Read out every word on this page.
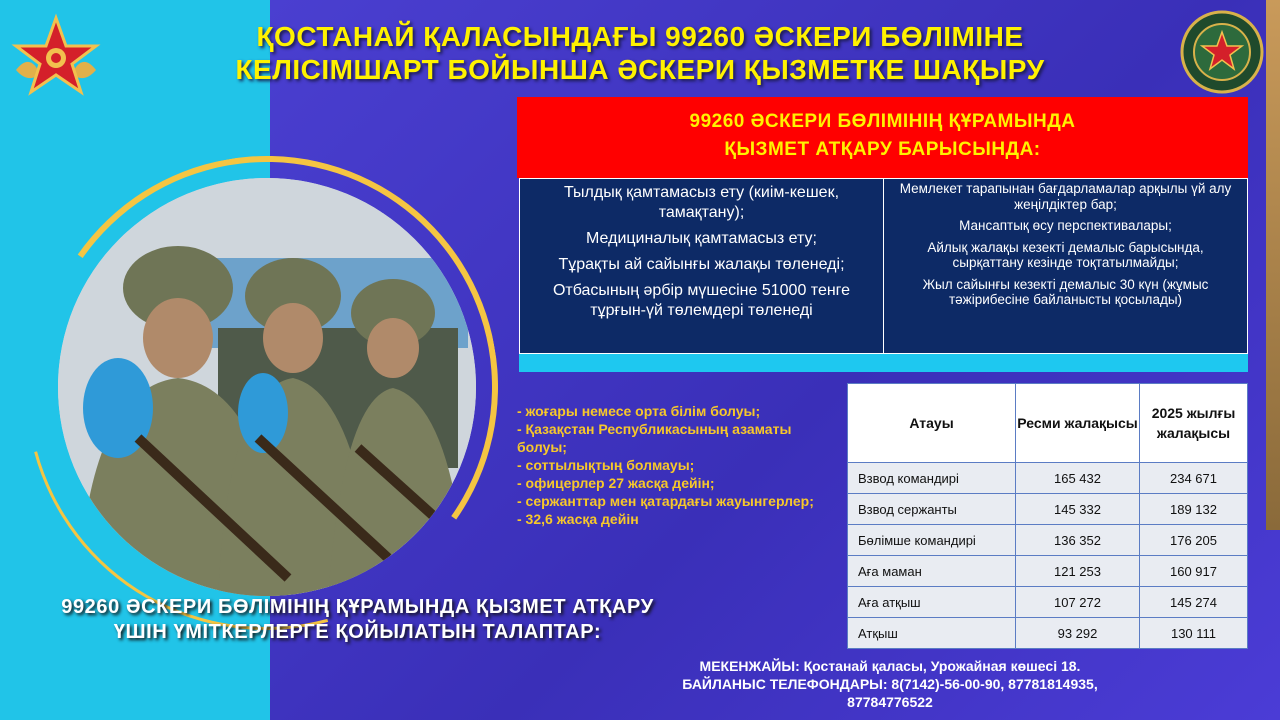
ҚОСТАНАЙ ҚАЛАСЫНДАҒЫ 99260 ӘСКЕРИ БӨЛІМІНЕ
КЕЛІСІМШАРТ БОЙЫНША ӘСКЕРИ ҚЫЗМЕТКЕ ШАҚЫРУ
99260 ӘСКЕРИ БӨЛІМІНІҢ ҚҰРАМЫНДА
ҚЫЗМЕТ АТҚАРУ БАРЫСЫНДА:

Тылдық қамтамасыз ету (киім-кешек, тамақтану);

Медициналық қамтамасыз ету;

Тұрақты ай сайынғы жалақы төленеді;

Отбасының әрбір мүшесіне 51000 тенге тұрғын-үй төлемдері төленеді

Мемлекет тарапынан бағдарламалар арқылы үй алу жеңілдіктер бар;

Мансаптық өсу перспективалары;

Айлық жалақы кезекті демалыс барысында, сырқаттану кезінде тоқтатылмайды;

Жыл сайынғы кезекті демалыс 30 күн (жұмыс тәжірибесіне байланысты қосылады)

- жоғары немесе орта білім болуы;
- Қазақстан Республикасының азаматы болуы;
- соттылықтың болмауы;
- офицерлер 27 жасқа дейін;
- сержанттар мен қатардағы жауынгерлер;
- 32,6 жасқа дейін
Атауы	Ресми жалақысы	2025 жылғы жалақысы
Взвод командирі	165 432	234 671
Взвод сержанты	145 332	189 132
Бөлімше командирі	136 352	176 205
Аға маман	121 253	160 917
Аға атқыш	107 272	145 274
Атқыш	93 292	130 111
99260 ӘСКЕРИ БӨЛІМІНІҢ ҚҰРАМЫНДА ҚЫЗМЕТ АТҚАРУ
ҮШІН ҮМІТКЕРЛЕРГЕ ҚОЙЫЛАТЫН ТАЛАПТАР:
МЕКЕНЖАЙЫ: Қостанай қаласы, Урожайная көшесі 18.
БАЙЛАНЫС ТЕЛЕФОНДАРЫ: 8(7142)-56-00-90, 87781814935,
87784776522
